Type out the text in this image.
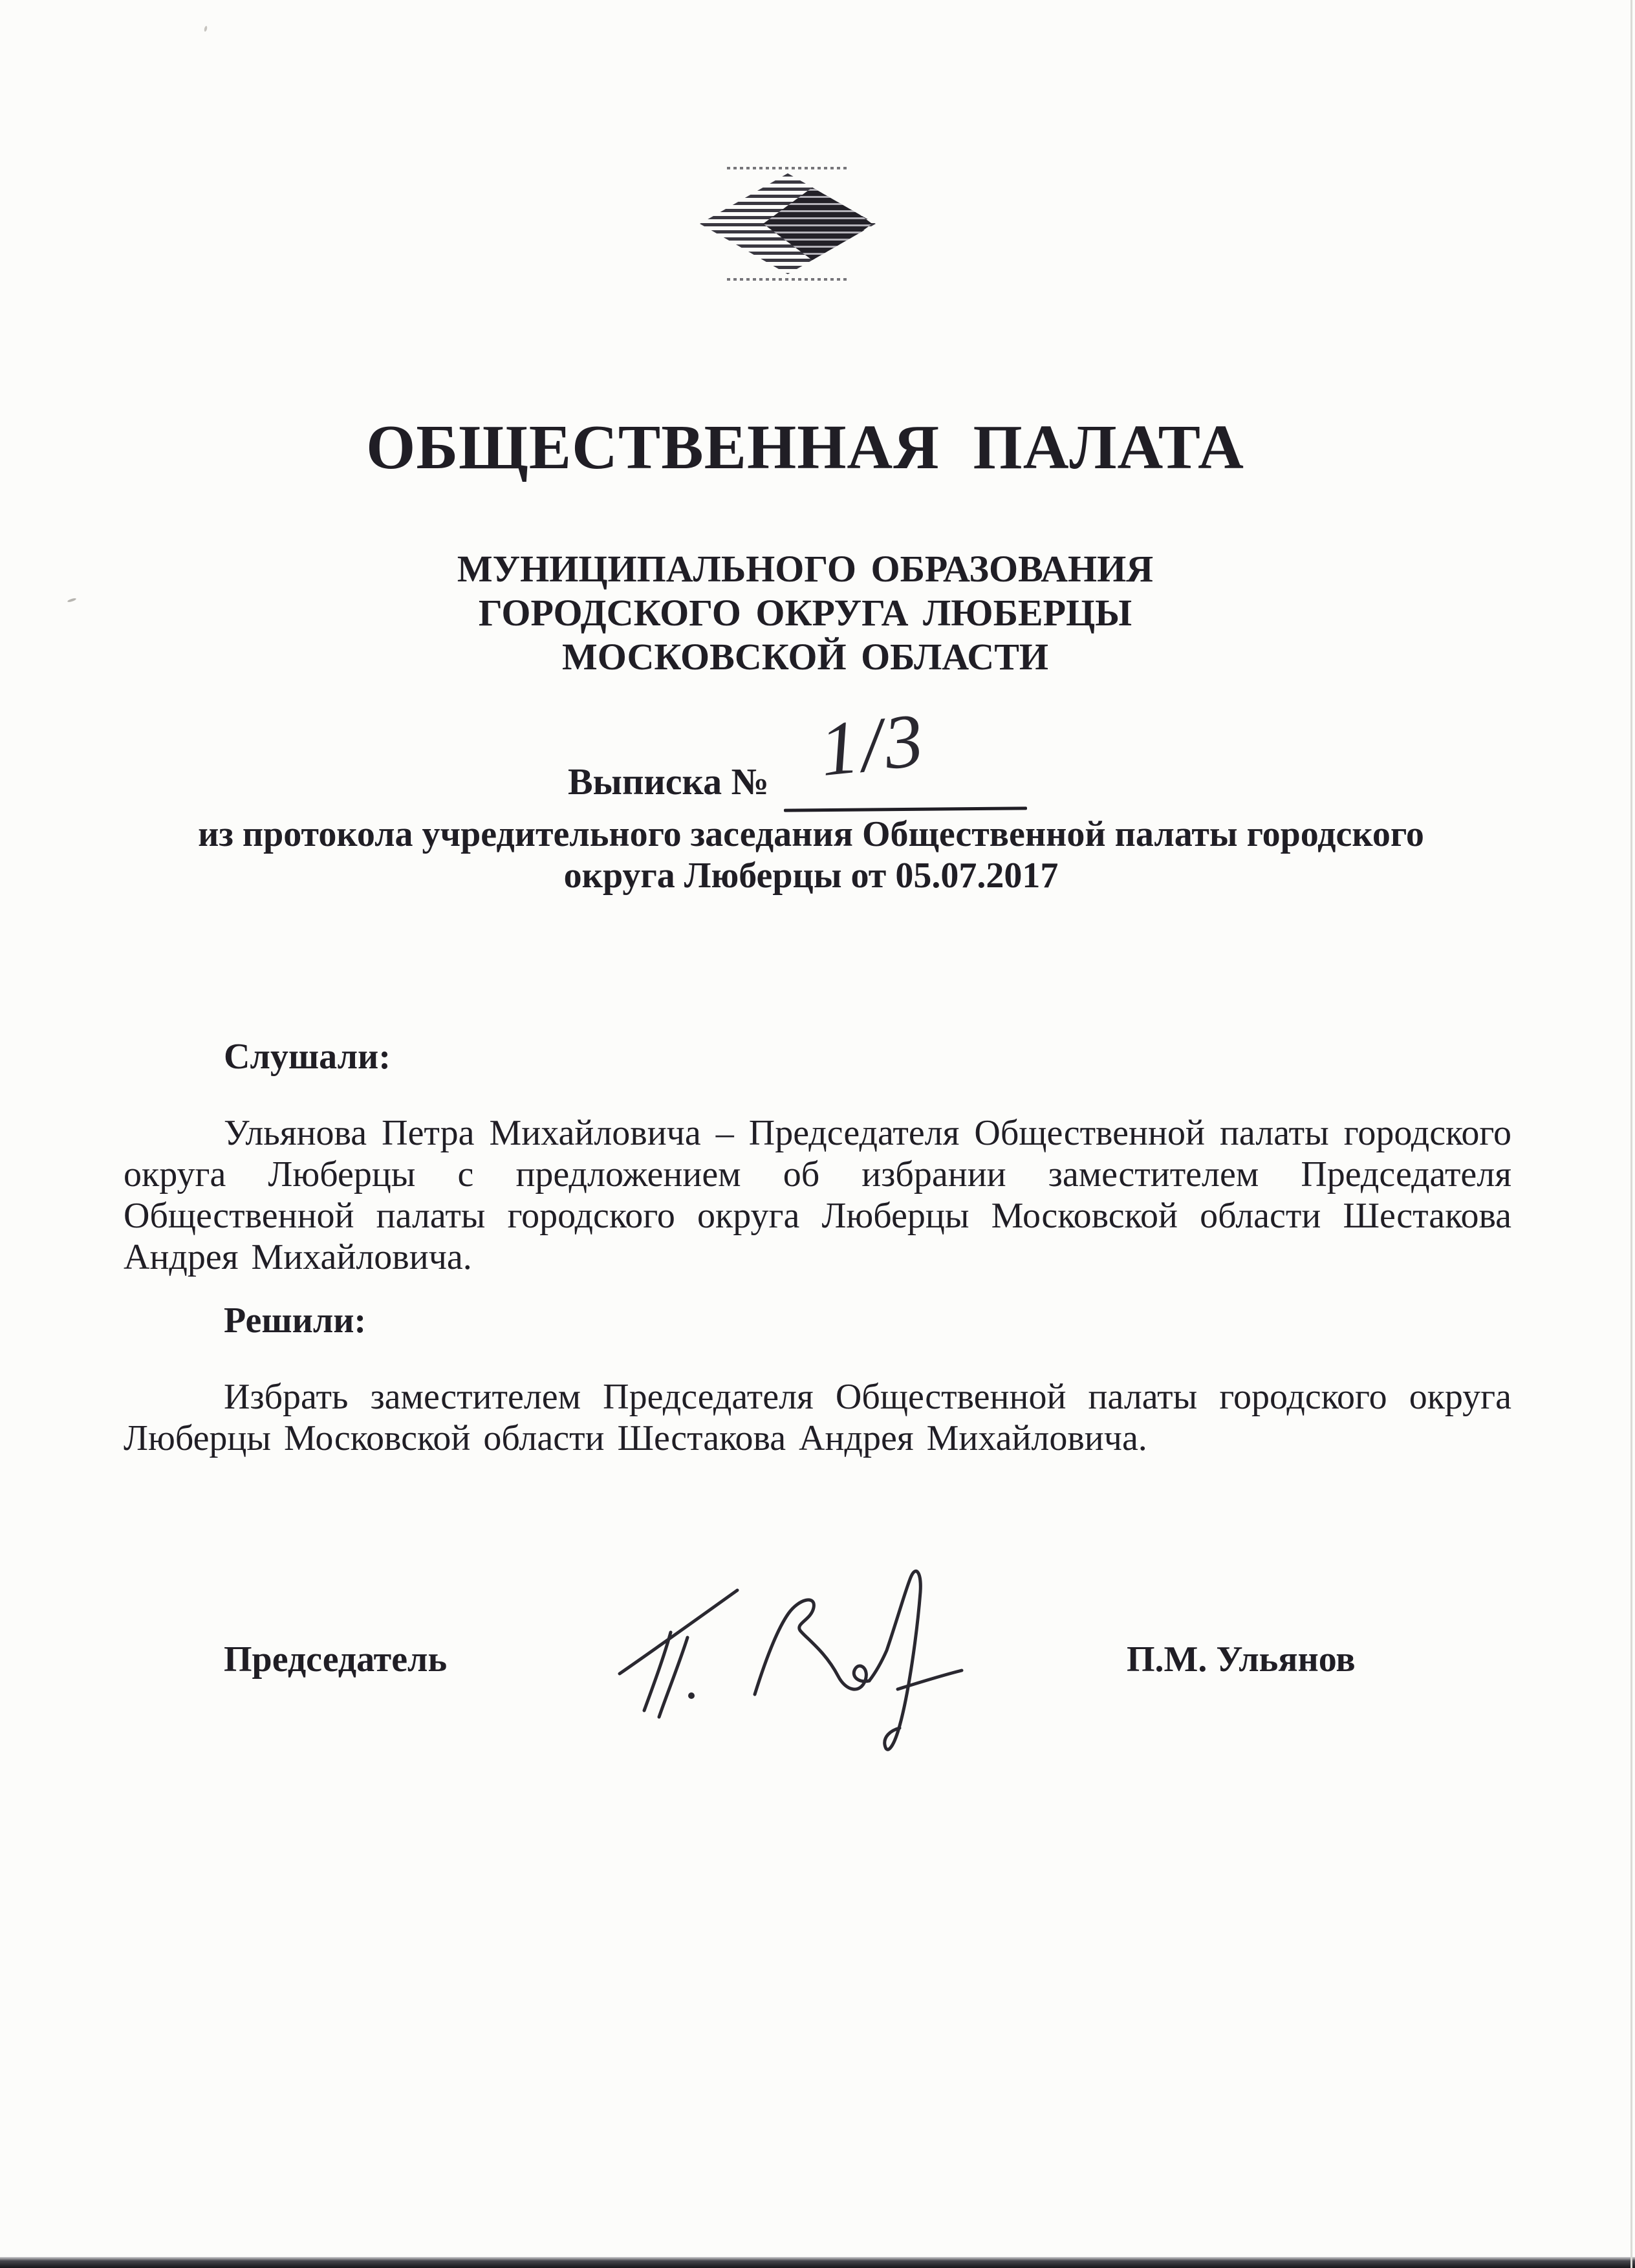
ОБЩЕСТВЕННАЯ ПАЛАТА
МУНИЦИПАЛЬНОГО ОБРАЗОВАНИЯ
ГОРОДСКОГО ОКРУГА ЛЮБЕРЦЫ
МОСКОВСКОЙ ОБЛАСТИ
Выписка № 1/3
из протокола учредительного заседания Общественной палаты городского
округа Люберцы от 05.07.2017
Слушали:

Ульянова Петра Михайловича – Председателя Общественной палаты городского округа Люберцы с предложением об избрании заместителем Председателя Общественной палаты городского округа Люберцы Московской области Шестакова Андрея Михайловича.

Решили:

Избрать заместителем Председателя Общественной палаты городского округа Люберцы Московской области Шестакова Андрея Михайловича.

Председатель	П.М. Ульянов
